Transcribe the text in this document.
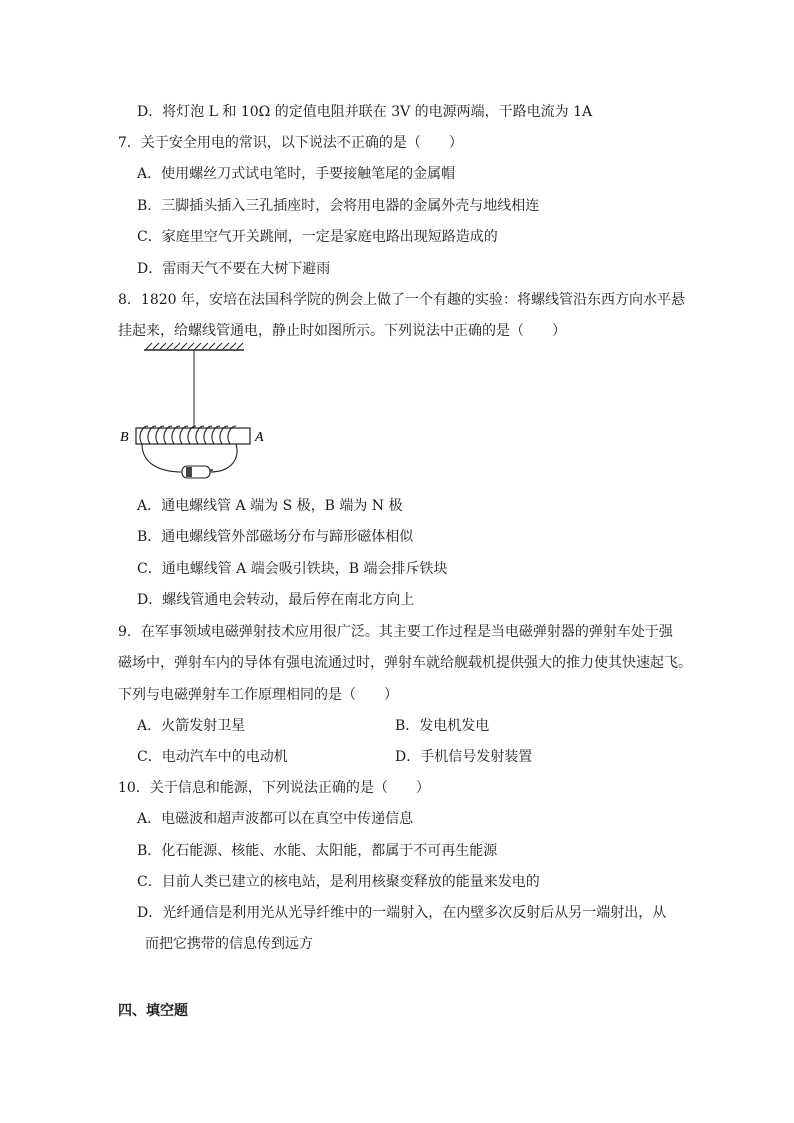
D．将灯泡 L 和 10Ω 的定值电阻并联在 3V 的电源两端，干路电流为 1A
7．关于安全用电的常识，以下说法不正确的是（　　）
A．使用螺丝刀式试电笔时，手要接触笔尾的金属帽
B．三脚插头插入三孔插座时，会将用电器的金属外壳与地线相连
C．家庭里空气开关跳闸，一定是家庭电路出现短路造成的
D．雷雨天气不要在大树下避雨
8．1820 年，安培在法国科学院的例会上做了一个有趣的实验：将螺线管沿东西方向水平悬
挂起来，给螺线管通电，静止时如图所示。下列说法中正确的是（　　）
B	A
A．通电螺线管 A 端为 S 极，B 端为 N 极
B．通电螺线管外部磁场分布与蹄形磁体相似
C．通电螺线管 A 端会吸引铁块，B 端会排斥铁块
D．螺线管通电会转动，最后停在南北方向上
9．在军事领域电磁弹射技术应用很广泛。其主要工作过程是当电磁弹射器的弹射车处于强
磁场中，弹射车内的导体有强电流通过时，弹射车就给舰载机提供强大的推力使其快速起飞。
下列与电磁弹射车工作原理相同的是（　　）
A．火箭发射卫星	B．发电机发电
C．电动汽车中的电动机	D．手机信号发射装置
10．关于信息和能源，下列说法正确的是（　　）
A．电磁波和超声波都可以在真空中传递信息
B．化石能源、核能、水能、太阳能，都属于不可再生能源
C．目前人类已建立的核电站，是利用核聚变释放的能量来发电的
D．光纤通信是利用光从光导纤维中的一端射入，在内壁多次反射后从另一端射出，从
而把它携带的信息传到远方
四、填空题
